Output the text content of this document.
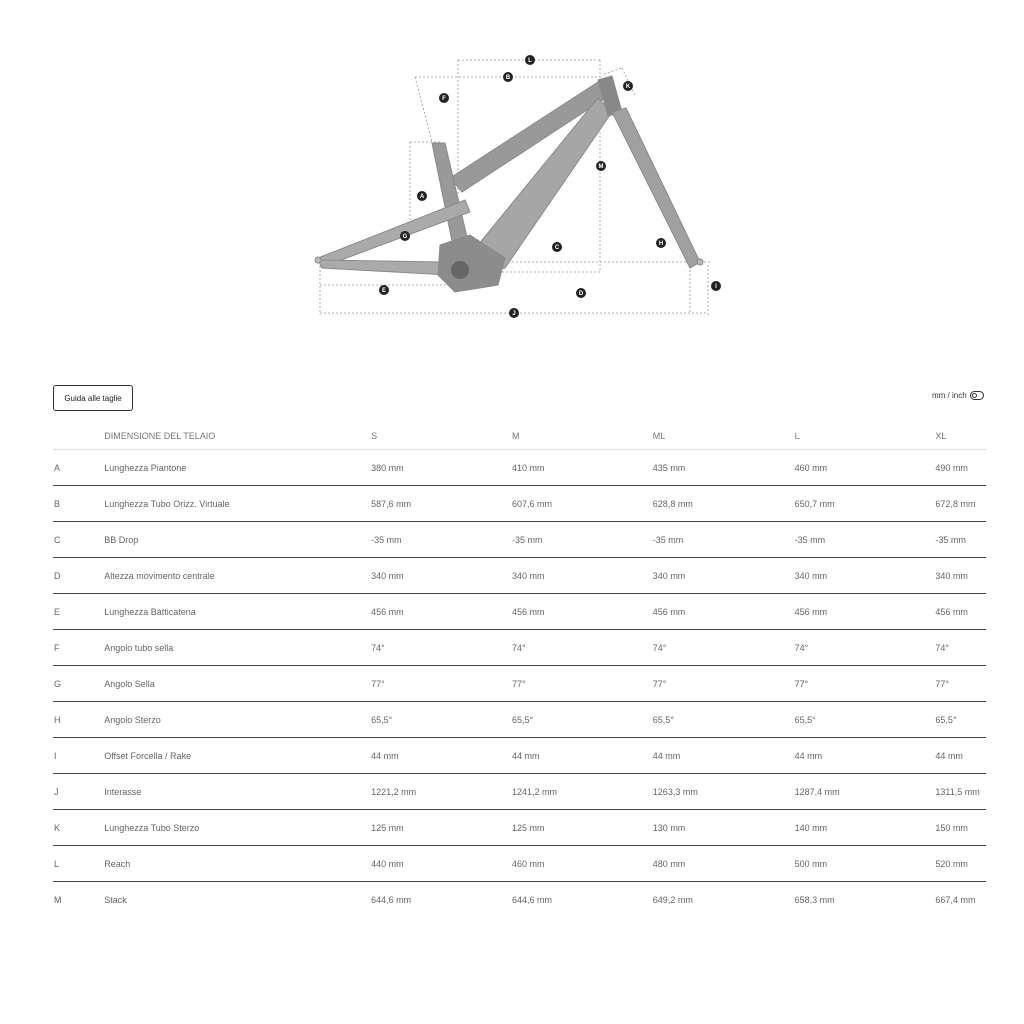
L
B
K
F
M
A
C
H
G
I
E	D
J
Guida alle taglie	mm / inch
	DIMENSIONE DEL TELAIO	S	M	ML	L	XL
A	Lunghezza Piantone	380 mm	410 mm	435 mm	460 mm	490 mm
B	Lunghezza Tubo Orizz. Virtuale	587,6 mm	607,6 mm	628,8 mm	650,7 mm	672,8 mm
C	BB Drop	-35 mm	-35 mm	-35 mm	-35 mm	-35 mm
D	Altezza movimento centrale	340 mm	340 mm	340 mm	340 mm	340 mm
E	Lunghezza Batticatena	456 mm	456 mm	456 mm	456 mm	456 mm
F	Angolo tubo sella	74°	74°	74°	74°	74°
G	Angolo Sella	77°	77°	77°	77°	77°
H	Angolo Sterzo	65,5°	65,5°	65,5°	65,5°	65,5°
I	Offset Forcella / Rake	44 mm	44 mm	44 mm	44 mm	44 mm
J	Interasse	1221,2 mm	1241,2 mm	1263,3 mm	1287,4 mm	1311,5 mm
K	Lunghezza Tubo Sterzo	125 mm	125 mm	130 mm	140 mm	150 mm
L	Reach	440 mm	460 mm	480 mm	500 mm	520 mm
M	Stack	644,6 mm	644,6 mm	649,2 mm	658,3 mm	667,4 mm
